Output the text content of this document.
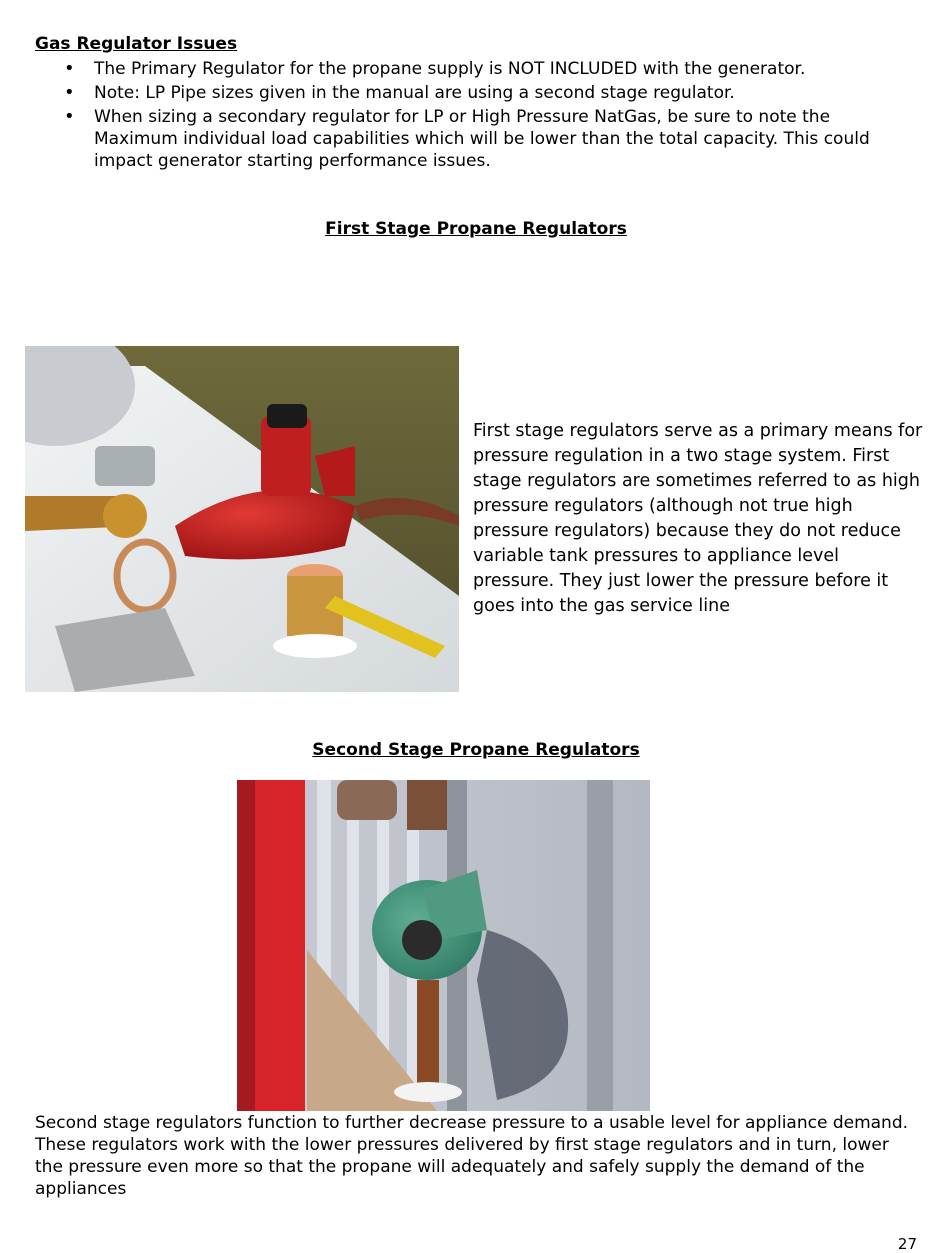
Gas Regulator Issues
• The Primary Regulator for the propane supply is NOT INCLUDED with the generator.
• Note: LP Pipe sizes given in the manual are using a second stage regulator.
• When sizing a secondary regulator for LP or High Pressure NatGas, be sure to note the Maximum individual load capabilities which will be lower than the total capacity. This could impact generator starting performance issues.
First Stage Propane Regulators
First stage regulators serve as a primary means for pressure regulation in a two stage system. First stage regulators are sometimes referred to as high pressure regulators (although not true high pressure regulators) because they do not reduce variable tank pressures to appliance level pressure. They just lower the pressure before it goes into the gas service line
Second Stage Propane Regulators
Second stage regulators function to further decrease pressure to a usable level for appliance demand. These regulators work with the lower pressures delivered by first stage regulators and in turn, lower the pressure even more so that the propane will adequately and safely supply the demand of the appliances
27
